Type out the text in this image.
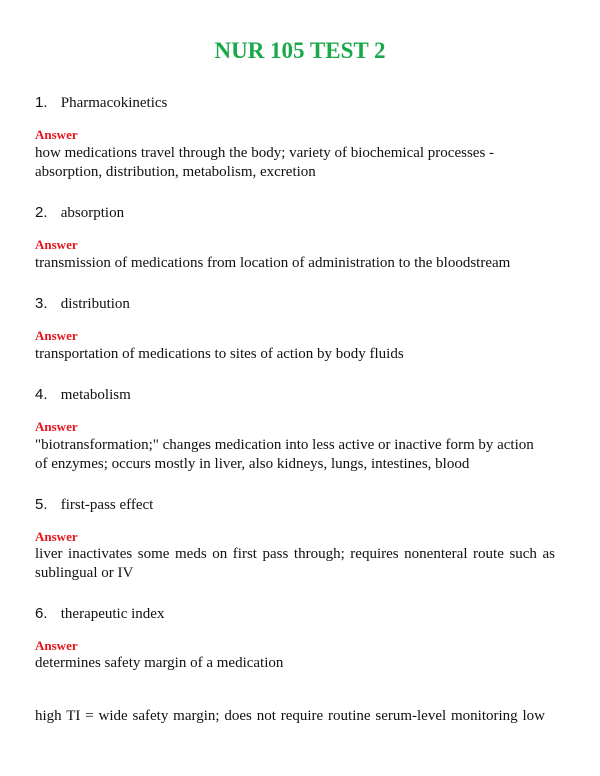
NUR 105 TEST 2
1. Pharmacokinetics
Answer
how medications travel through the body; variety of biochemical processes -
absorption, distribution, metabolism, excretion
2. absorption
Answer
transmission of medications from location of administration to the bloodstream
3. distribution
Answer
transportation of medications to sites of action by body fluids
4. metabolism
Answer
"biotransformation;" changes medication into less active or inactive form by action
of enzymes; occurs mostly in liver, also kidneys, lungs, intestines, blood
5. first-pass effect
Answer
liver inactivates some meds on first pass through; requires nonenteral route such as
sublingual or IV
6. therapeutic index
Answer
determines safety margin of a medication
high TI = wide safety margin; does not require routine serum-level monitoring low
